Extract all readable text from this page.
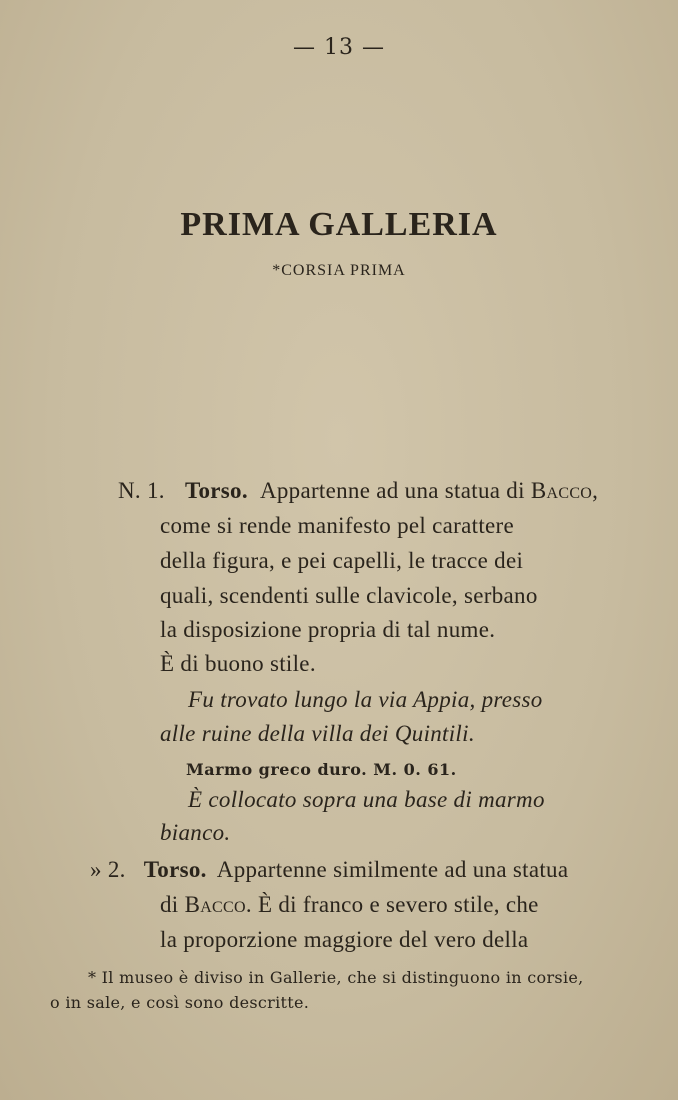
— 13 —
PRIMA GALLERIA
*CORSIA PRIMA
N. 1. Torso. Appartenne ad una statua di Bacco,
come si rende manifesto pel carattere
della figura, e pei capelli, le tracce dei
quali, scendenti sulle clavicole, serbano
la disposizione propria di tal nume.
È di buono stile.
Fu trovato lungo la via Appia, presso
alle ruine della villa dei Quintili.
Marmo greco duro. M. 0. 61.
È collocato sopra una base di marmo
bianco.
» 2. Torso. Appartenne similmente ad una statua
di Bacco. È di franco e severo stile, che
la proporzione maggiore del vero della
* Il museo è diviso in Gallerie, che si distinguono in corsie,
o in sale, e così sono descritte.
